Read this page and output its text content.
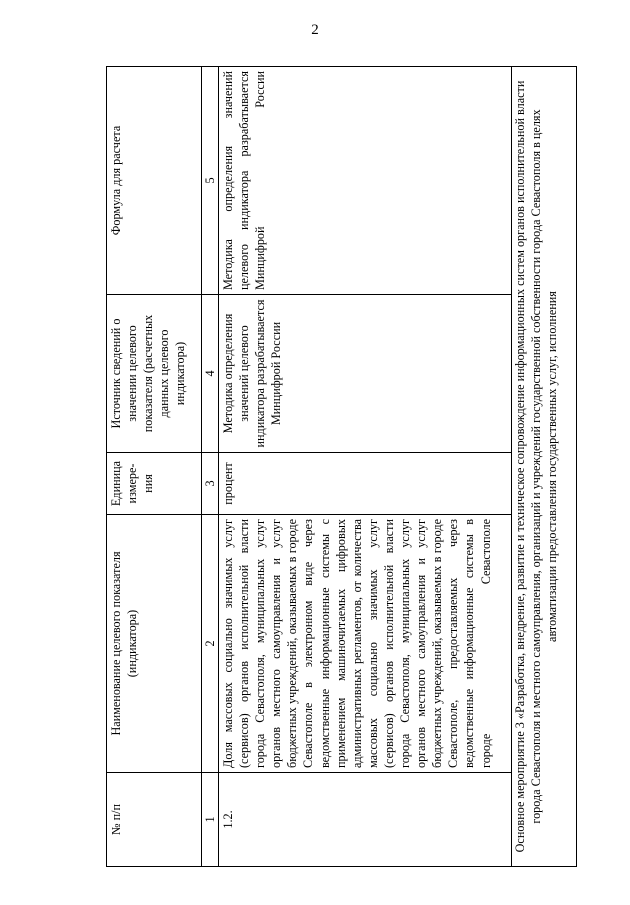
2
№ п/п	Наименование целевого показателя (индикатора)	Единица измере-ния	Источник сведений о значении целевого показателя (расчетных данных целевого индикатора)	Формула для расчета
1	2	3	4	5
1.2.	Доля массовых социально значимых услуг (сервисов) органов исполнительной власти города Севастополя, муниципальных услуг органов местного самоуправления и услуг бюджетных учреждений, оказываемых в городе Севастополе в электронном виде через ведомственные информационные системы с применением машиночитаемых цифровых административных регламентов, от количества массовых социально значимых услуг (сервисов) органов исполнительной власти города Севастополя, муниципальных услуг органов местного самоуправления и услуг бюджетных учреждений, оказываемых в городе Севастополе, предоставляемых через ведомственные информационные системы в городе Севастополе	процент	Методика определения значений целевого индикатора разрабатывается Минцифрой России	Методика определения значений целевого индикатора разрабатывается Минцифрой России
Основное мероприятие 3 «Разработка, внедрение, развитие и техническое сопровождение информационных систем органов исполнительной власти города Севастополя и местного самоуправления, организаций и учреждений государственной собственности города Севастополя в целях автоматизации предоставления государственных услуг, исполнения				
